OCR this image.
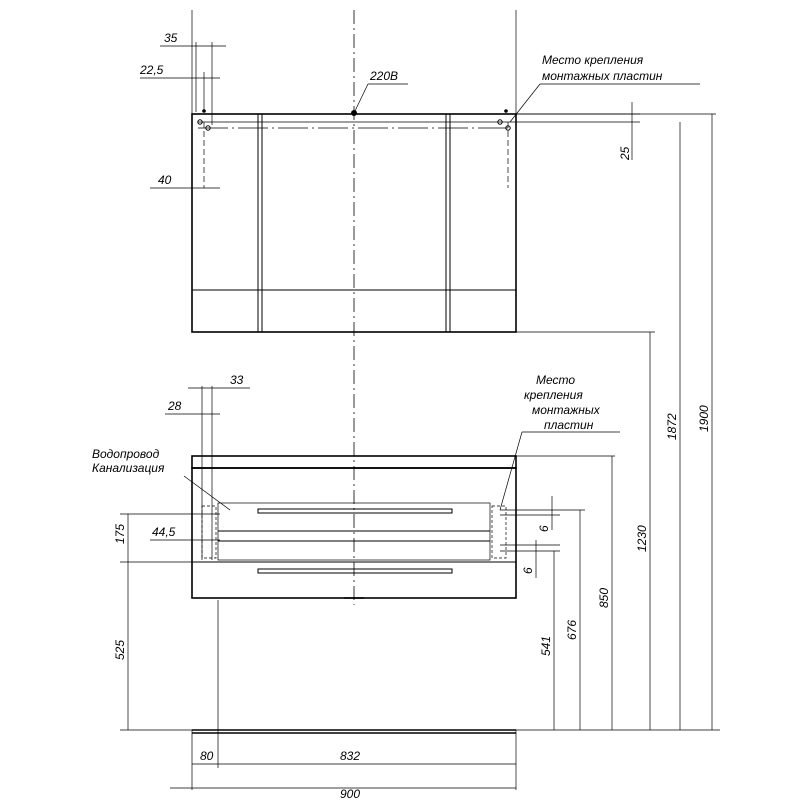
220В
Место крепления
монтажных пластин
35
22,5
40
25
33
28
Водопровод
Канализация
175 44,5
525
Место
крепления
монтажных
пластин
6
6
541
676
850
1230
1872 1900
80	832
900
